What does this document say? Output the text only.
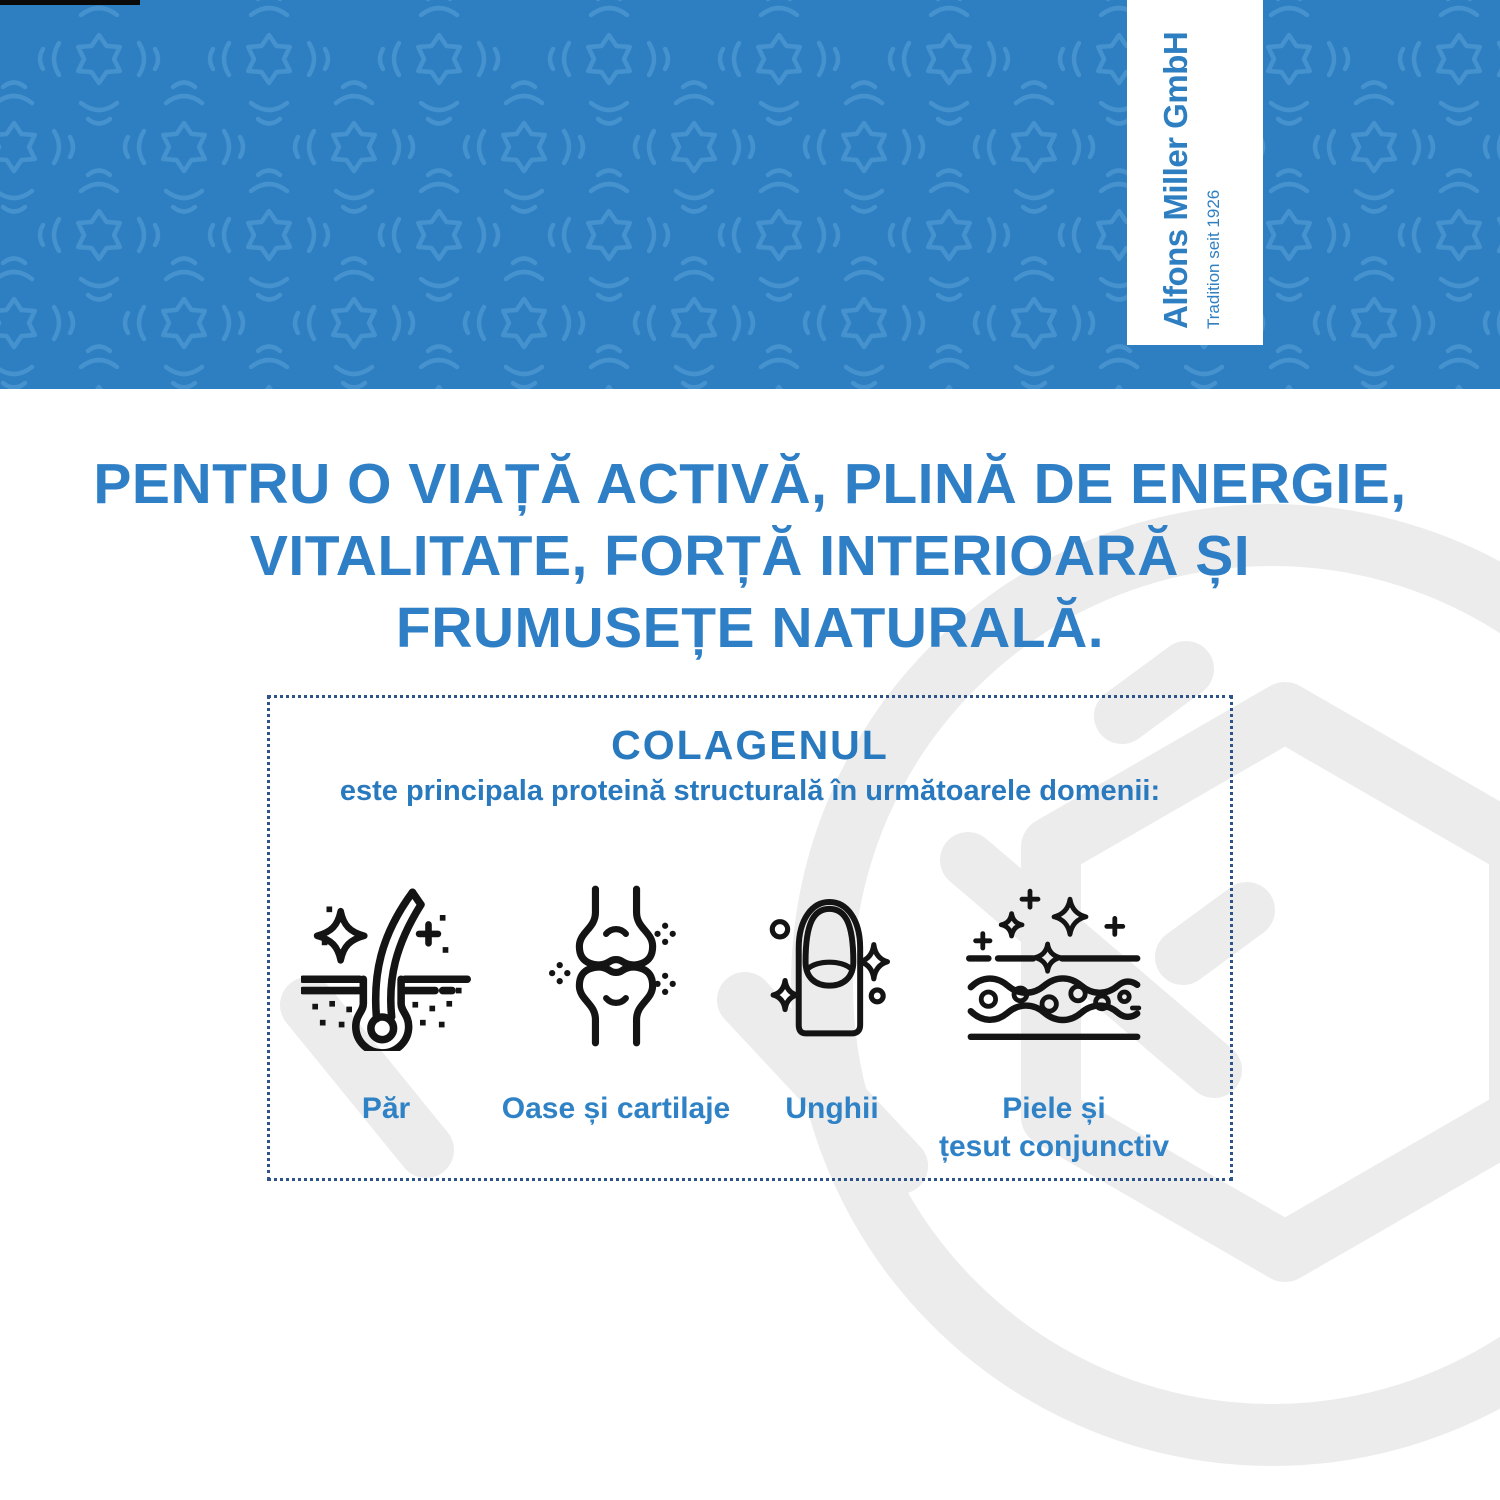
Alfons Miller GmbH Tradition seit 1926
PENTRU O VIAȚĂ ACTIVĂ, PLINĂ DE ENERGIE,
VITALITATE, FORȚĂ INTERIOARĂ ȘI
FRUMUSEȚE NATURALĂ.
COLAGENUL
este principala proteină structurală în următoarele domenii:
Păr	Oase și cartilaje	Unghii	Piele și
țesut conjunctiv
